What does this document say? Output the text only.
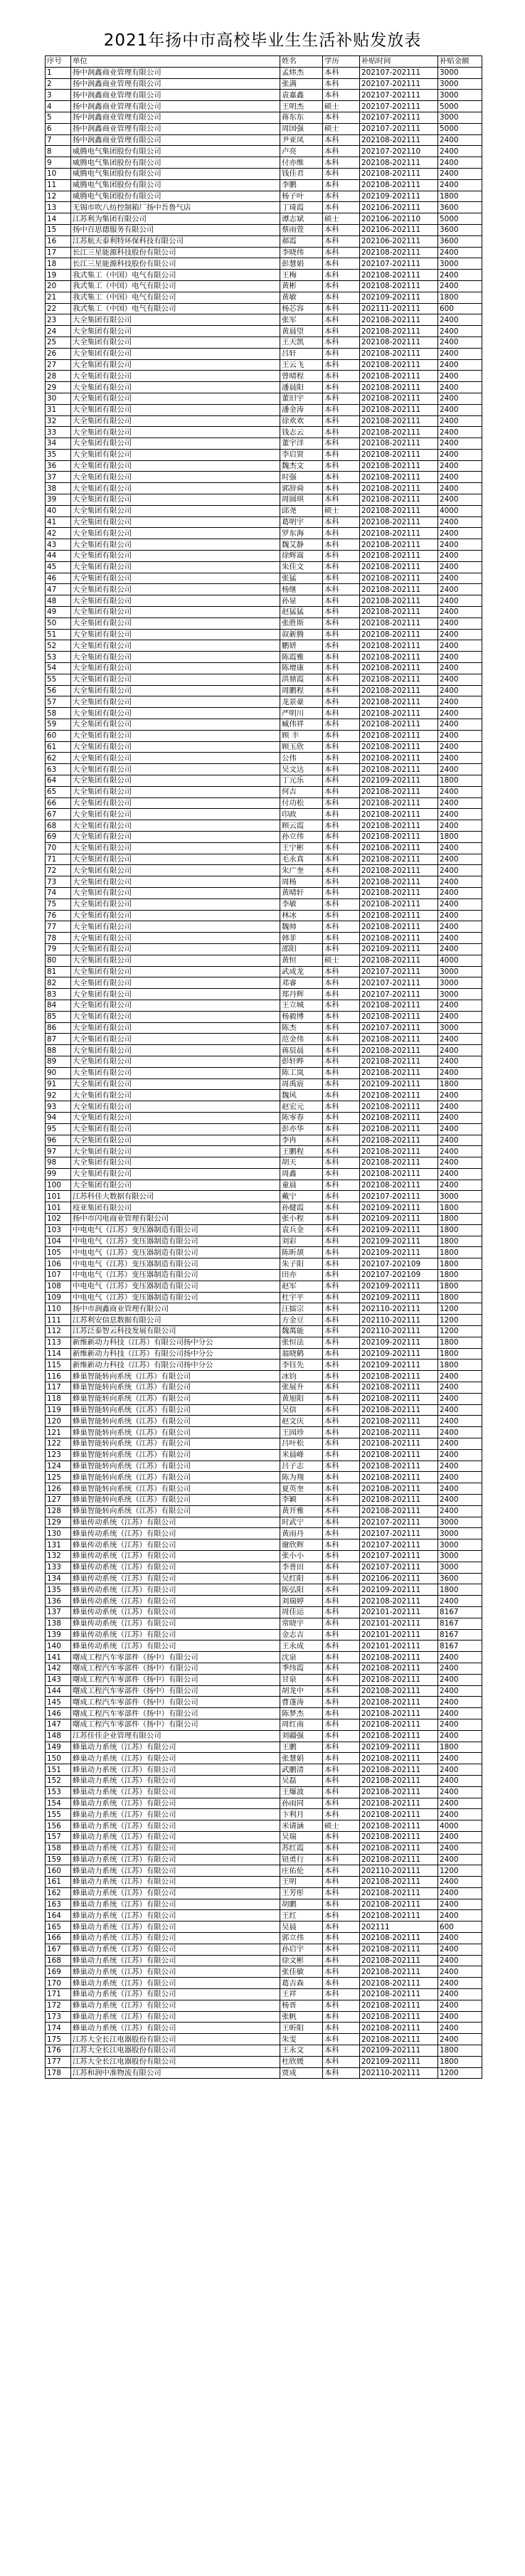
2021年扬中市高校毕业生生活补贴发放表
序号	单位	姓名	学历	补贴时间	补贴金额
1	扬中润鑫商业管理有限公司	孟炜杰	本科	202107-202111	3000
2	扬中润鑫商业管理有限公司	张满	本科	202107-202111	3000
3	扬中润鑫商业管理有限公司	袁嘉鑫	本科	202107-202111	3000
4	扬中润鑫商业管理有限公司	王明杰	硕士	202107-202111	5000
5	扬中润鑫商业管理有限公司	蒋东东	本科	202107-202111	3000
6	扬中润鑫商业管理有限公司	周国强	硕士	202107-202111	5000
7	扬中润鑫商业管理有限公司	尹亚凤	本科	202108-202111	2400
8	威腾电气集团股份有限公司	卢亮	本科	202107-202110	2400
9	威腾电气集团股份有限公司	付亦维	本科	202108-202111	2400
10	威腾电气集团股份有限公司	钱佳君	本科	202108-202111	2400
11	威腾电气集团股份有限公司	李鹏	本科	202108-202111	2400
12	威腾电气集团股份有限公司	杨子叶	本科	202109-202111	1800
13	无锡市吹八纺控制箱厂扬中吾鲁气店	丁琦霞	本科	202106-202111	3600
14	江苏利为集团有限公司	谭志斌	硕士	202106-202110	5000
15	扬中百思德服务有限公司	蔡雨萱	本科	202106-202111	3600
16	江苏航天泰利特环保科技有限公司	郝霞	本科	202106-202111	3600
17	长江三星能源科技股份有限公司	李晓伟	本科	202108-202111	2400
18	长江三星能源科技股份有限公司	彭慧娟	本科	202107-202111	3000
19	我式集工（中国）电气有限公司	王梅	本科	202108-202111	2400
20	我式集工（中国）电气有限公司	黄彬	本科	202108-202111	2400
21	我式集工（中国）电气有限公司	黄敏	本科	202109-202111	1800
22	我式集工（中国）电气有限公司	杨芯容	本科	202111-202111	600
23	大全集团有限公司	张军	本科	202108-202111	2400
24	大全集团有限公司	黄晨望	本科	202108-202111	2400
25	大全集团有限公司	王天凯	本科	202108-202111	2400
26	大全集团有限公司	吕轩	本科	202108-202111	2400
27	大全集团有限公司	王云飞	本科	202108-202111	2400
28	大全集团有限公司	曾晴程	本科	202108-202111	2400
29	大全集团有限公司	潘晨阳	本科	202108-202111	2400
30	大全集团有限公司	董旧宇	本科	202108-202111	2400
31	大全集团有限公司	潘金涛	本科	202108-202111	2400
32	大全集团有限公司	徐欢欢	本科	202108-202111	2400
33	大全集团有限公司	钱志云	本科	202108-202111	2400
34	大全集团有限公司	董宇洋	本科	202108-202111	2400
35	大全集团有限公司	李启贤	本科	202108-202111	2400
36	大全集团有限公司	魏杰文	本科	202108-202111	2400
37	大全集团有限公司	时强	本科	202108-202111	2400
38	大全集团有限公司	郭辞舜	本科	202108-202111	2400
39	大全集团有限公司	周圆琪	本科	202108-202111	2400
40	大全集团有限公司	邱尧	硕士	202108-202111	4000
41	大全集团有限公司	葛明宇	本科	202108-202111	2400
42	大全集团有限公司	罗东海	本科	202108-202111	2400
43	大全集团有限公司	魏艾静	本科	202108-202111	2400
44	大全集团有限公司	徐辉嵩	本科	202108-202111	2400
45	大全集团有限公司	朱佳文	本科	202108-202111	2400
46	大全集团有限公司	张猛	本科	202108-202111	2400
47	大全集团有限公司	杨继	本科	202108-202111	2400
48	大全集团有限公司	孙显	本科	202108-202111	2400
49	大全集团有限公司	赵猛猛	本科	202108-202111	2400
50	大全集团有限公司	张胜斯	本科	202108-202111	2400
51	大全集团有限公司	叙新腾	本科	202108-202111	2400
52	大全集团有限公司	鹏妍	本科	202108-202111	2400
53	大全集团有限公司	陈霞雅	本科	202108-202111	2400
54	大全集团有限公司	陈增康	本科	202108-202111	2400
55	大全集团有限公司	洪鼎霞	本科	202108-202111	2400
56	大全集团有限公司	周鹏程	本科	202108-202111	2400
57	大全集团有限公司	龙景豪	本科	202108-202111	2400
58	大全集团有限公司	严明川	本科	202108-202111	2400
59	大全集团有限公司	臧伟祥	本科	202108-202111	2400
60	大全集团有限公司	顾 丰	本科	202108-202111	2400
61	大全集团有限公司	顾玉欣	本科	202108-202111	2400
62	大全集团有限公司	公伟	本科	202108-202111	2400
63	大全集团有限公司	吴文达	本科	202108-202111	2400
64	大全集团有限公司	丁元乐	本科	202109-202111	1800
65	大全集团有限公司	何吉	本科	202108-202111	2400
66	大全集团有限公司	付功松	本科	202108-202111	2400
67	大全集团有限公司	印政	本科	202108-202111	2400
68	大全集团有限公司	顾云霞	本科	202108-202111	2400
69	大全集团有限公司	孙立伟	本科	202108-202111	1800
70	大全集团有限公司	王宁彬	本科	202108-202111	2400
71	大全集团有限公司	毛永真	本科	202108-202111	2400
72	大全集团有限公司	朱广奎	本科	202108-202111	2400
73	大全集团有限公司	周杨	本科	202108-202111	2400
74	大全集团有限公司	黄晴轩	本科	202108-202111	2400
75	大全集团有限公司	李敏	本科	202108-202111	2400
76	大全集团有限公司	林冰	本科	202108-202111	2400
77	大全集团有限公司	魏帅	本科	202108-202111	2400
78	大全集团有限公司	韩菲	本科	202108-202111	2400
79	大全集团有限公司	邵阳	本科	202109-202111	2400
80	大全集团有限公司	黄恒	硕士	202108-202111	4000
81	大全集团有限公司	武成龙	本科	202107-202111	3000
82	大全集团有限公司	邓睿	本科	202107-202111	3000
83	大全集团有限公司	郑丹辉	本科	202107-202111	3000
84	大全集团有限公司	王立城	本科	202108-202111	2400
85	大全集团有限公司	杨毅博	本科	202108-202111	2400
86	大全集团有限公司	陈杰	本科	202107-202111	3000
87	大全集团有限公司	范金伟	本科	202108-202111	2400
88	大全集团有限公司	蒋辰晨	本科	202108-202111	2400
89	大全集团有限公司	彭轩晔	本科	202108-202111	2400
90	大全集团有限公司	陈工岚	本科	202108-202111	2400
91	大全集团有限公司	周禹宸	本科	202109-202111	1800
92	大全集团有限公司	魏风	本科	202108-202111	2400
93	大全集团有限公司	赵宏元	本科	202108-202111	2400
94	大全集团有限公司	陈零春	本科	202108-202111	2400
95	大全集团有限公司	彭亦华	本科	202108-202111	2400
96	大全集团有限公司	李冉	本科	202108-202111	2400
97	大全集团有限公司	王鹏程	本科	202108-202111	2400
98	大全集团有限公司	胡天	本科	202108-202111	2400
99	大全集团有限公司	周鑫	本科	202108-202111	2400
100	大全集团有限公司	童晨	本科	202108-202111	2400
101	江苏科佳大数据有限公司	戴宁	本科	202107-202111	3000
101	疫亚集团有限公司	孙健霞	本科	202109-202111	1800
102	扬中市闪电商业管理有限公司	张小程	本科	202109-202111	1800
103	中电电气（江苏）变压器制造有限公司	袁兵金	本科	202109-202111	1800
104	中电电气（江苏）变压器制造有限公司	刘彩	本科	202109-202111	1800
105	中电电气（江苏）变压器制造有限公司	陈昕颉	本科	202109-202111	1800
106	中电电气（江苏）变压器制造有限公司	朱子阳	本科	202107-202109	1800
107	中电电气（江苏）变压器制造有限公司	田亦	本科	202107-202109	1800
108	中电电气（江苏）变压器制造有限公司	赵军	本科	202109-202111	1800
109	中电电气（江苏）变压器制造有限公司	杜宇平	本科	202109-202111	1800
110	扬中市润鑫商业管理有限公司	汪擂宗	本科	202110-202111	1200
111	江苏利安信息数据有限公司	方金豆	本科	202110-202111	1200
112	江苏泛泰智云科技发展有限公司	魏萬能	本科	202110-202111	1200
113	新维新动力科技（江苏）有限公司扬中分公	张恒法	本科	202109-202111	1800
114	新维新动力科技（江苏）有限公司扬中分公	翁晓鹤	本科	202109-202111	1800
115	新维新动力科技（江苏）有限公司扬中分公	李钰先	本科	202109-202111	1800
116	蜂巢智能转向系统（江苏）有限公司	冰钧	本科	202108-202111	2400
117	蜂巢智能转向系统（江苏）有限公司	张展升	本科	202108-202111	2400
118	蜂巢智能转向系统（江苏）有限公司	黄旭阳	本科	202108-202111	2400
119	蜂巢智能转向系统（江苏）有限公司	吴信	本科	202108-202111	2400
120	蜂巢智能转向系统（江苏）有限公司	赵文庆	本科	202108-202111	2400
121	蜂巢智能转向系统（江苏）有限公司	王园珍	本科	202108-202111	2400
122	蜂巢智能转向系统（江苏）有限公司	吕叶松	本科	202108-202111	2400
123	蜂巢智能转向系统（江苏）有限公司	米晨峰	本科	202108-202111	2400
124	蜂巢智能转向系统（江苏）有限公司	吕子志	本科	202108-202111	2400
125	蜂巢智能转向系统（江苏）有限公司	陈为翔	本科	202108-202111	2400
126	蜂巢智能转向系统（江苏）有限公司	夏英奎	本科	202108-202111	2400
127	蜂巢智能转向系统（江苏）有限公司	李颖	本科	202108-202111	2400
128	蜂巢智能转向系统（江苏）有限公司	黄开雅	本科	202108-202111	2400
129	蜂巢传动系统（江苏）有限公司	时武宁	本科	202107-202111	3000
130	蜂巢传动系统（江苏）有限公司	黄雨丹	本科	202107-202111	3000
131	蜂巢传动系统（江苏）有限公司	谢欣辉	本科	202107-202111	3000
132	蜂巢传动系统（江苏）有限公司	张小小	本科	202107-202111	3000
133	蜂巢传动系统（江苏）有限公司	李普田	本科	202107-202111	3000
134	蜂巢传动系统（江苏）有限公司	吴红阳	本科	202106-202111	3600
135	蜂巢传动系统（江苏）有限公司	陈弘阳	本科	202109-202111	1800
136	蜂巢传动系统（江苏）有限公司	刘瑞婷	本科	202108-202111	2400
137	蜂巢传动系统（江苏）有限公司	周佳运	本科	202101-202111	8167
138	蜂巢传动系统（江苏）有限公司	常晓宇	本科	202101-202111	8167
139	蜂巢传动系统（江苏）有限公司	金志吉	本科	202101-202111	8167
140	蜂巢传动系统（江苏）有限公司	王永成	本科	202101-202111	8167
141	曙成工程汽车零部件（扬中）有限公司	沈泉	本科	202108-202111	2400
142	曙成工程汽车零部件（扬中）有限公司	季纬霞	本科	202108-202111	2400
143	曙成工程汽车零部件（扬中）有限公司	甘泉	本科	202108-202111	2400
144	曙成工程汽车零部件（扬中）有限公司	胡龙中	本科	202108-202111	2400
145	曙成工程汽车零部件（扬中）有限公司	曹蓬涛	本科	202108-202111	2400
146	曙成工程汽车零部件（扬中）有限公司	陈梦杰	本科	202108-202111	2400
147	曙成工程汽车零部件（扬中）有限公司	周红南	本科	202108-202111	2400
148	江苏佳佳企业管理有限公司	刘疆强	本科	202108-202111	2400
149	蜂巢动力系统（江苏）有限公司	王鹏	本科	202109-202111	1800
150	蜂巢动力系统（江苏）有限公司	张慧娟	本科	202108-202111	2400
151	蜂巢动力系统（江苏）有限公司	武鹏清	本科	202108-202111	2400
152	蜂巢动力系统（江苏）有限公司	吴磊	本科	202108-202111	2400
153	蜂巢动力系统（江苏）有限公司	王爆波	本科	202108-202111	2400
154	蜂巢动力系统（江苏）有限公司	孙雨同	本科	202108-202111	2400
155	蜂巢动力系统（江苏）有限公司	卞利月	本科	202108-202111	2400
156	蜂巢动力系统（江苏）有限公司	米请涵	硕士	202108-202111	4000
157	蜂巢动力系统（江苏）有限公司	吴瑞	本科	202108-202111	2400
158	蜂巢动力系统（江苏）有限公司	苏红霞	本科	202108-202111	2400
159	蜂巢动力系统（江苏）有限公司	钮勇行	本科	202108-202111	2400
160	蜂巢动力系统（江苏）有限公司	庄佑伦	本科	202110-202111	1200
161	蜂巢动力系统（江苏）有限公司	王明	本科	202108-202111	2400
162	蜂巢动力系统（江苏）有限公司	王芳彤	本科	202108-202111	2400
163	蜂巢动力系统（江苏）有限公司	胡鹏	本科	202108-202111	2400
164	蜂巢动力系统（江苏）有限公司	王红	本科	202108-202111	2400
165	蜂巢动力系统（江苏）有限公司	吴晨	本科	202111	600
166	蜂巢动力系统（江苏）有限公司	郭立伟	本科	202108-202111	2400
167	蜂巢动力系统（江苏）有限公司	孙启宇	本科	202108-202111	2400
168	蜂巢动力系统（江苏）有限公司	徐文彬	本科	202108-202111	2400
169	蜂巢动力系统（江苏）有限公司	张佳敏	本科	202108-202111	2400
170	蜂巢动力系统（江苏）有限公司	葛吉森	本科	202108-202111	2400
171	蜂巢动力系统（江苏）有限公司	王祥	本科	202108-202111	2400
172	蜂巢动力系统（江苏）有限公司	杨晋	本科	202108-202111	2400
173	蜂巢动力系统（江苏）有限公司	张帆	本科	202108-202111	2400
174	蜂巢动力系统（江苏）有限公司	王昕阳	本科	202108-202111	2400
175	江苏大全长江电器股份有限公司	朱雯	本科	202108-202111	2400
176	江苏大全长江电器股份有限公司	王永文	本科	202109-202111	1800
177	江苏大全长江电器股份有限公司	杜欣媛	本科	202109-202111	1800
178	江苏和润中准物流有限公司	贾成	本科	202110-202111	1200
